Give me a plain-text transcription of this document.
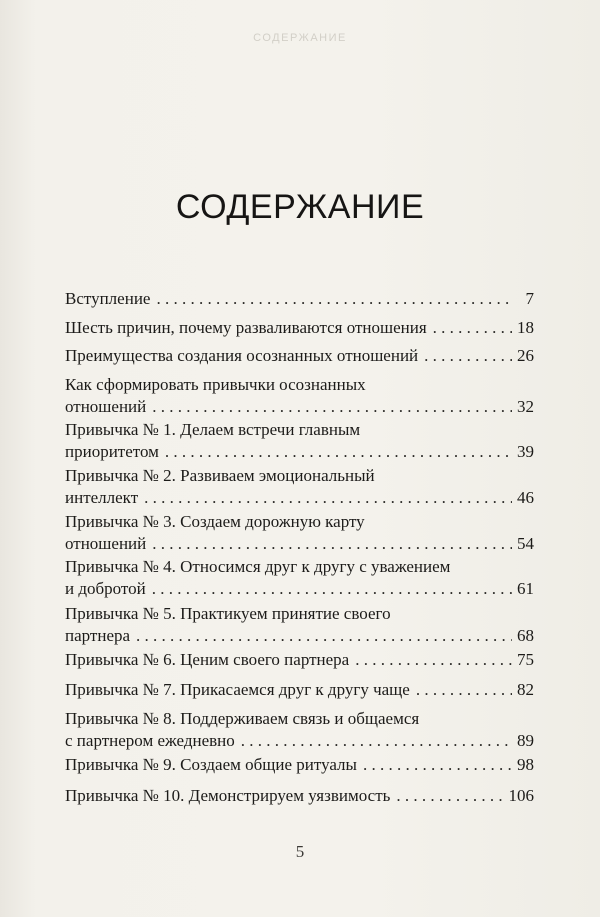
СОДЕРЖАНИЕ
СОДЕРЖАНИЕ
Вступление . . .	7
Шесть причин, почему разваливаются отношения . . .	18
Преимущества создания осознанных отношений . . .	26
Как сформировать привычки осознанных
отношений . . .	32
Привычка № 1. Делаем встречи главным
приоритетом . . .	39
Привычка № 2. Развиваем эмоциональный
интеллект . . .	46
Привычка № 3. Создаем дорожную карту
отношений . . .	54
Привычка № 4. Относимся друг к другу с уважением
и добротой . . .	61
Привычка № 5. Практикуем принятие своего
партнера . . .	68
Привычка № 6. Ценим своего партнера . . .	75
Привычка № 7. Прикасаемся друг к другу чаще . . .	82
Привычка № 8. Поддерживаем связь и общаемся
с партнером ежедневно . . .	89
Привычка № 9. Создаем общие ритуалы . . .	98
Привычка № 10. Демонстрируем уязвимость . . .	106
5
